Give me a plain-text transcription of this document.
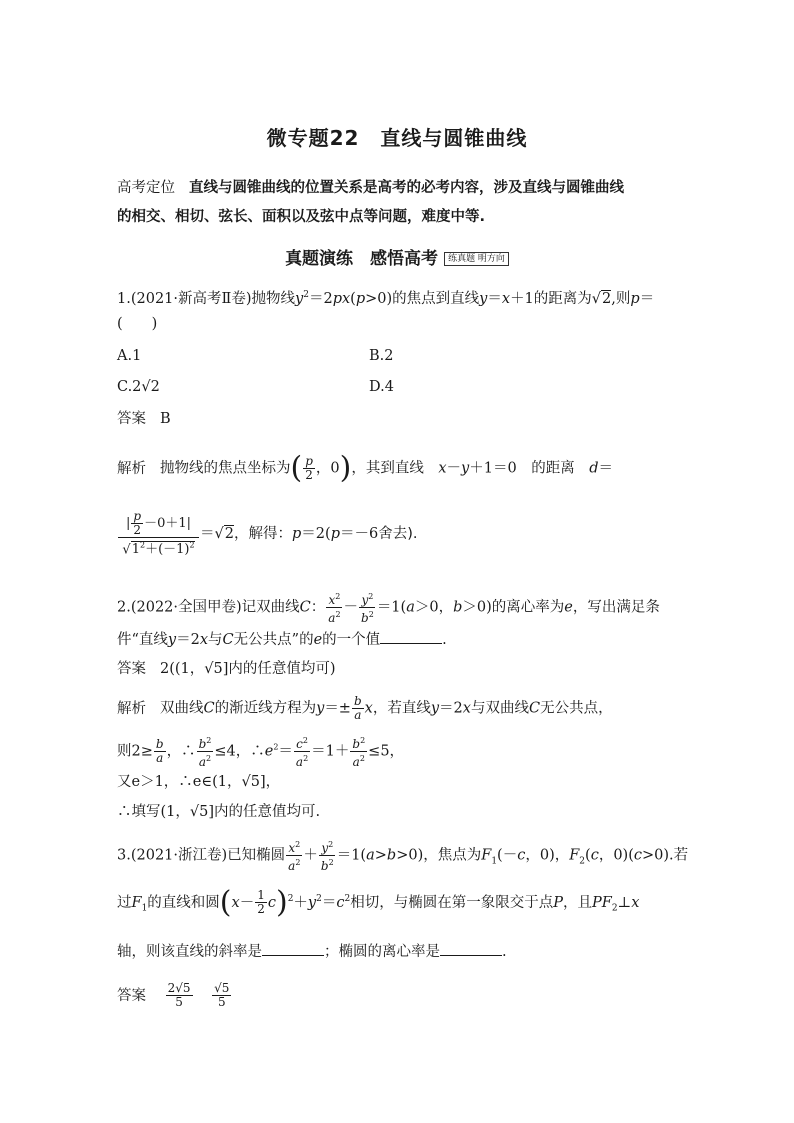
微专题22　直线与圆锥曲线
高考定位 直线与圆锥曲线的位置关系是高考的必考内容，涉及直线与圆锥曲线
的相交、相切、弦长、面积以及弦中点等问题，难度中等.
真题演练　感悟高考 练真题 明方向
1.(2021·新高考Ⅱ卷)抛物线$y^2=2px(p>0)$的焦点到直线y＝x＋1的距离为√2,则p＝
(　　)
A.1	B.2
C.2√2	D.4
答案 B
解析 抛物线的焦点坐标为( $\frac{p}{2}$ ，0)，其到直线　 x－y＋1＝0　的距离　 d＝
$\frac{| \frac{p}{2} -0+1|}{√1^2+(-1)^2} =√2$，解得：p＝2(p＝－6舍去).
2.(2022·全国甲卷)记双曲线C： $\frac{x^2}{a^2} - \frac{y^2}{b^2} =1(a>0$，b＞0)的离心率为e，写出满足条
件“直线y＝2x与C无公共点”的e的一个值	.
答案 2((1，√5]内的任意值均可)
解析 双曲线C的渐近线方程为$y=\pm \frac{b}{a}$ x，若直线y＝2x与双曲线C无公共点，
则$2\ge \frac{b}{a}$ ，∴ $\frac{b^2}{a^2} \le 4$，$\therefore e^2= \frac{c^2}{a^2} =1+ \frac{b^2}{a^2} \le 5$，
又e＞1，∴e∈(1，√5]，
∴填写(1，√5]内的任意值均可.
3.(2021·浙江卷)已知椭圆 $\frac{x^2}{a^2} + \frac{y^2}{b^2} =1(a>b>0)$，焦点为$F_1(-c$，0)，$F_2(c$，0)(c>0).若
过$F_1$的直线和圆$(x- \frac{1}{2} c)^2+y^2=c^2$相切，与椭圆在第一象限交于点P，且$PF_2\perp x$
轴，则该直线的斜率是	；椭圆的离心率是	.
答案 $\frac{2√5}{5}$
$\frac{√5}{5}$
